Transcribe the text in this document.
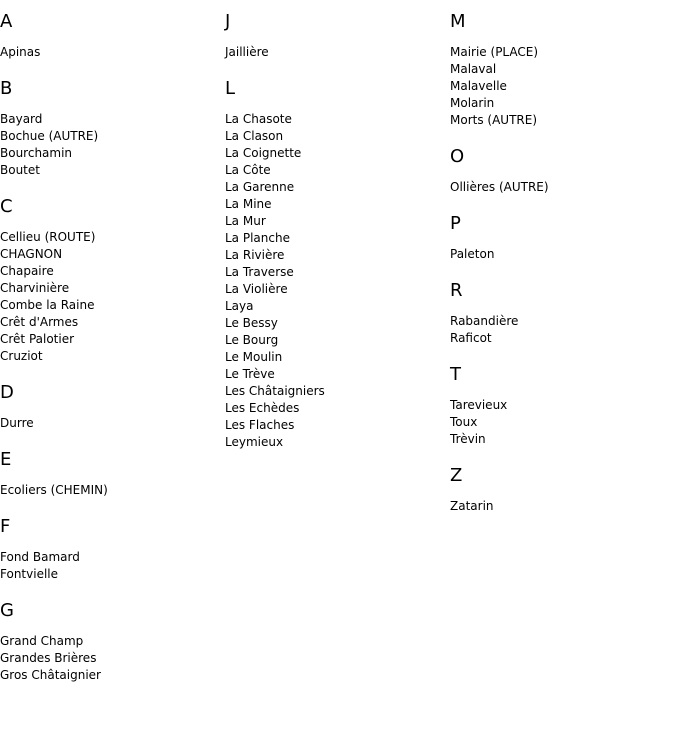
A
Apinas
B
Bayard
Bochue (AUTRE)
Bourchamin
Boutet
C
Cellieu (ROUTE)
CHAGNON
Chapaire
Charvinière
Combe la Raine
Crêt d'Armes
Crêt Palotier
Cruziot
D
Durre
E
Ecoliers (CHEMIN)
F
Fond Bamard
Fontvielle
G
Grand Champ
Grandes Brières
Gros Châtaignier
J
Jaillière
L
La Chasote
La Clason
La Coignette
La Côte
La Garenne
La Mine
La Mur
La Planche
La Rivière
La Traverse
La Violière
Laya
Le Bessy
Le Bourg
Le Moulin
Le Trève
Les Châtaigniers
Les Echèdes
Les Flaches
Leymieux
M
Mairie (PLACE)
Malaval
Malavelle
Molarin
Morts (AUTRE)
O
Ollières (AUTRE)
P
Paleton
R
Rabandière
Raficot
T
Tarevieux
Toux
Trèvin
Z
Zatarin
